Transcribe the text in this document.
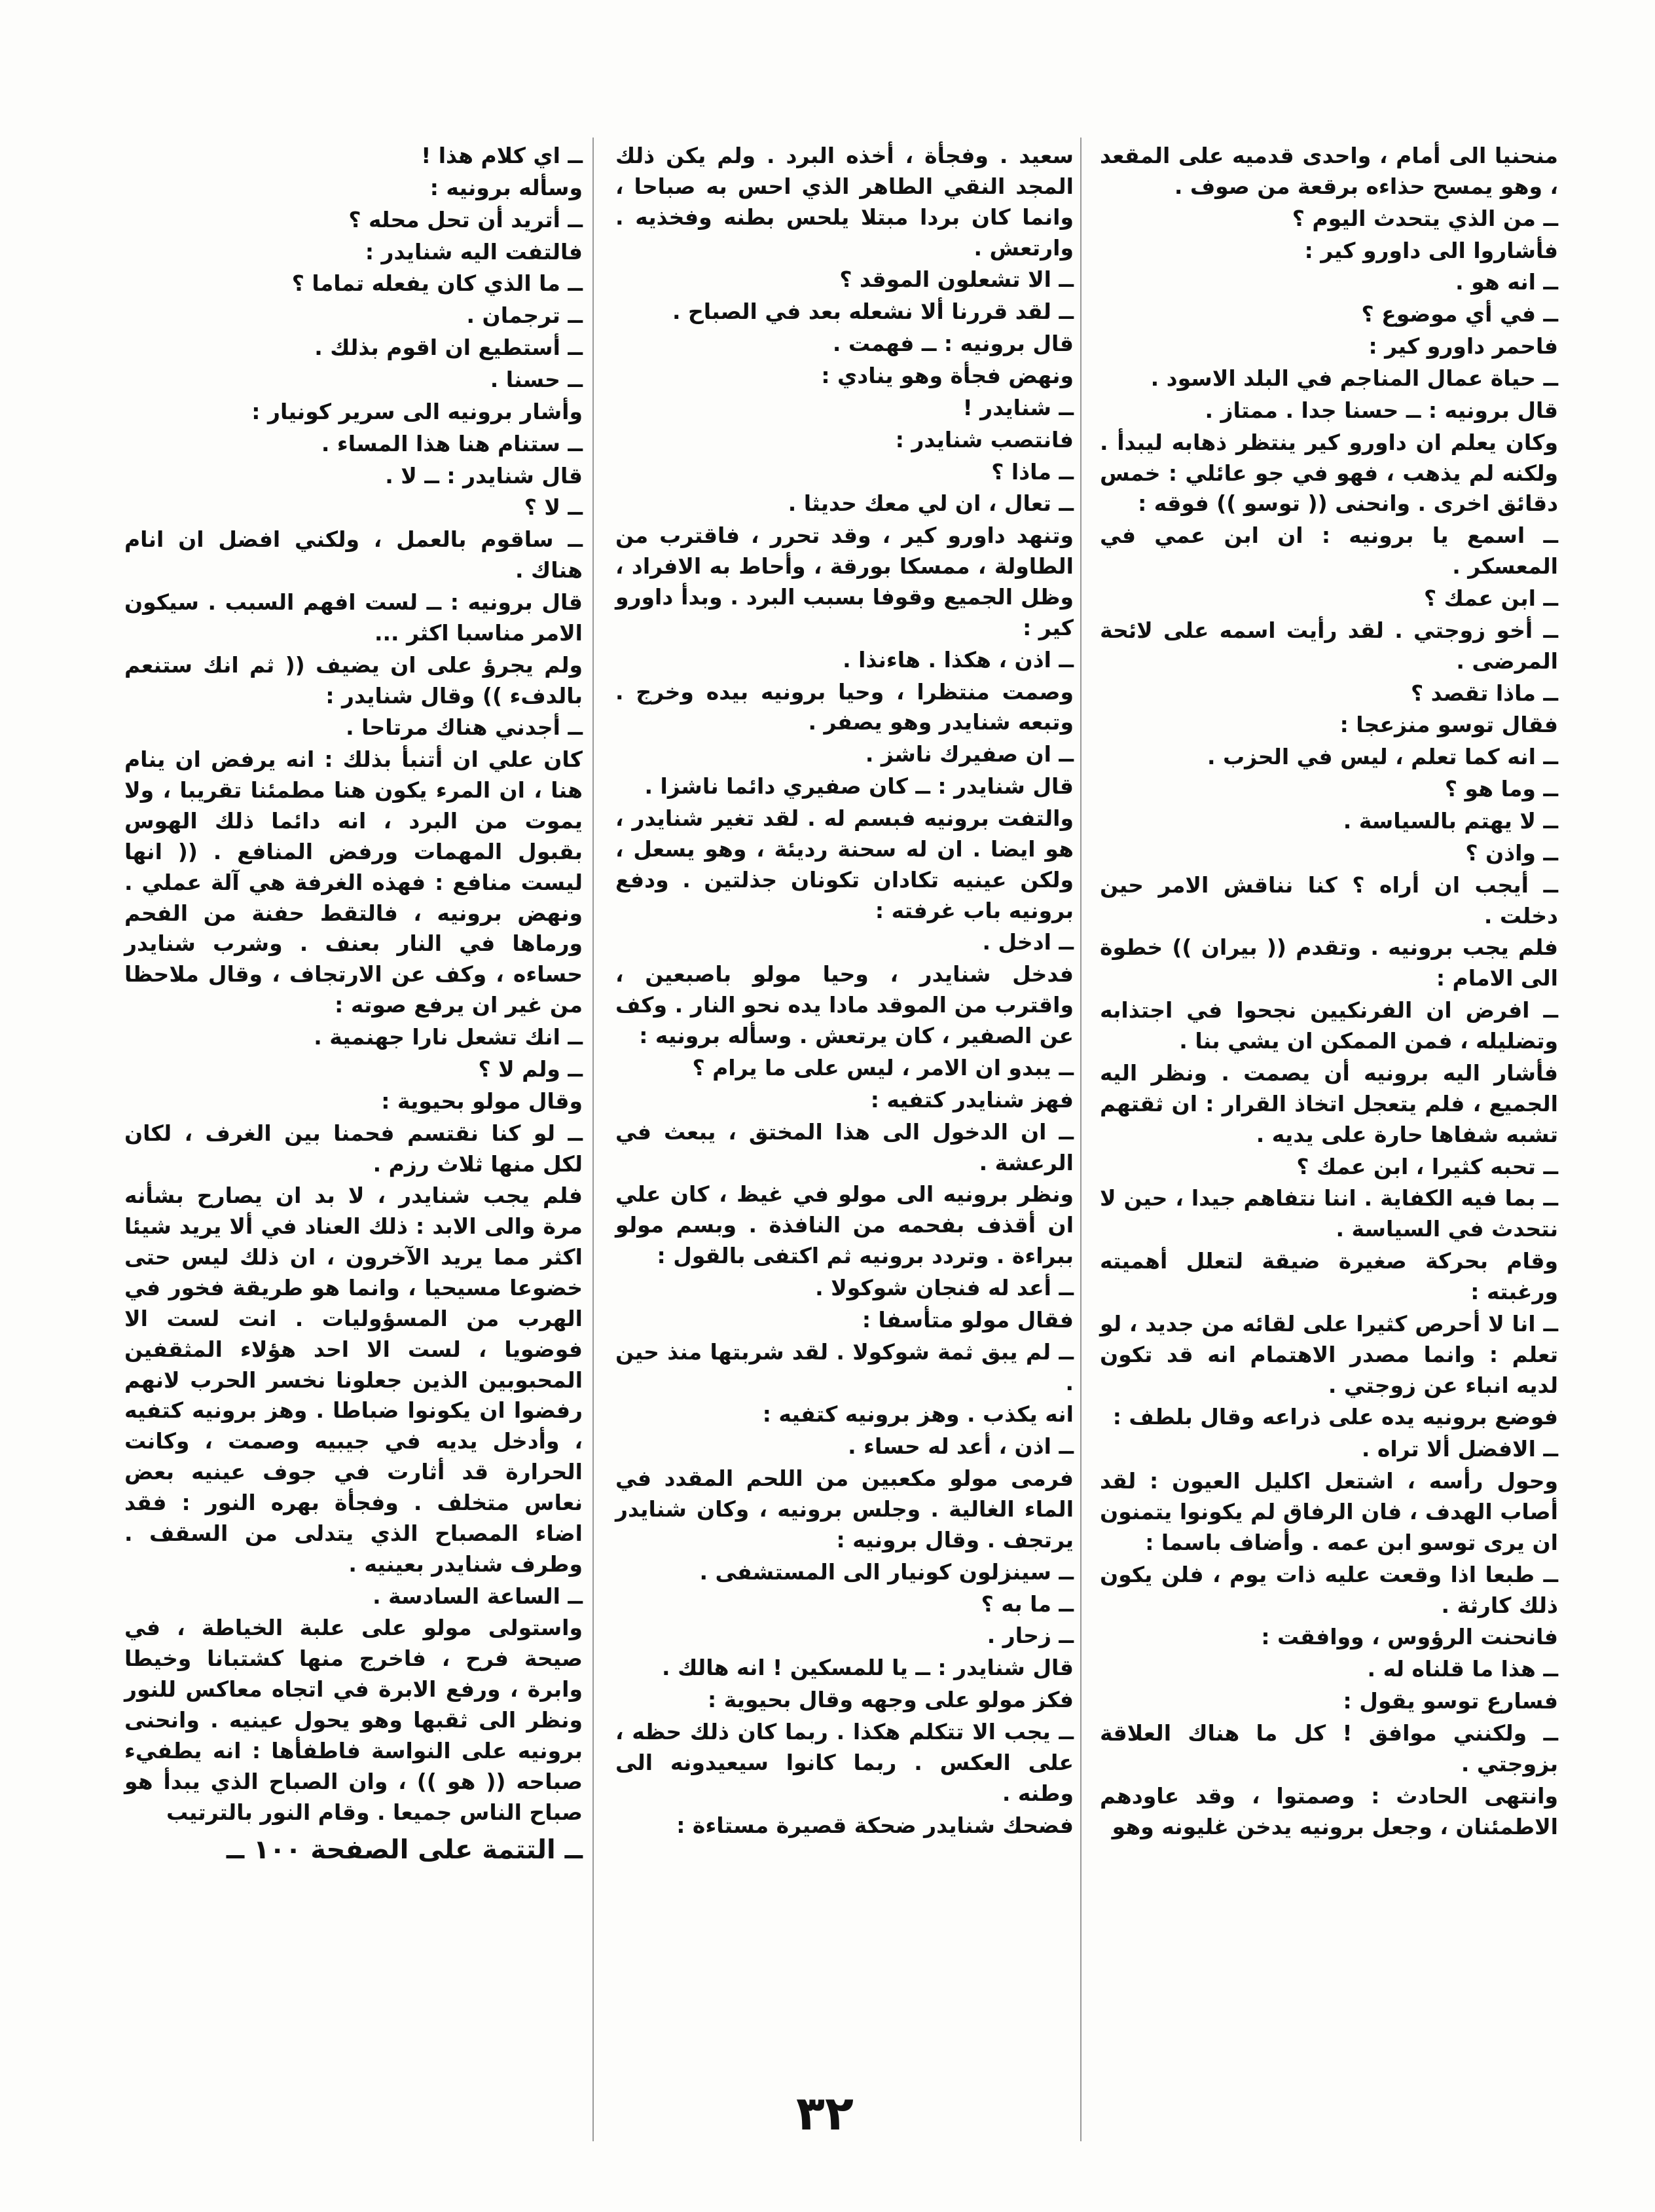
منحنيا الى أمام ، واحدى قدميه على المقعد ، وهو يمسح حذاءه برقعة من صوف .

ــ من الذي يتحدث اليوم ؟

فأشاروا الى داورو كير :

ــ انه هو .

ــ في أي موضوع ؟

فاحمر داورو كير :

ــ حياة عمال المناجم في البلد الاسود .

قال برونيه : ــ حسنا جدا . ممتاز .

وكان يعلم ان داورو كير ينتظر ذهابه ليبدأ . ولكنه لم يذهب ، فهو في جو عائلي : خمس دقائق اخرى . وانحنى (( توسو )) فوقه :

ــ اسمع يا برونيه : ان ابن عمي في المعسكر .

ــ ابن عمك ؟

ــ أخو زوجتي . لقد رأيت اسمه على لائحة المرضى .

ــ ماذا تقصد ؟

فقال توسو منزعجا :

ــ انه كما تعلم ، ليس في الحزب .

ــ وما هو ؟

ــ لا يهتم بالسياسة .

ــ واذن ؟

ــ أيجب ان أراه ؟ كنا نناقش الامر حين دخلت .

فلم يجب برونيه . وتقدم (( بيران )) خطوة الى الامام :

ــ افرض ان الفرنكيين نجحوا في اجتذابه وتضليله ، فمن الممكن ان يشي بنا .

فأشار اليه برونيه أن يصمت . ونظر اليه الجميع ، فلم يتعجل اتخاذ القرار : ان ثقتهم تشبه شفاها حارة على يديه .

ــ تحبه كثيرا ، ابن عمك ؟

ــ بما فيه الكفاية . اننا نتفاهم جيدا ، حين لا نتحدث في السياسة .

وقام بحركة صغيرة ضيقة لتعلل أهميته ورغبته :

ــ انا لا أحرص كثيرا على لقائه من جديد ، لو تعلم : وانما مصدر الاهتمام انه قد تكون لديه انباء عن زوجتي .

فوضع برونيه يده على ذراعه وقال بلطف :

ــ الافضل ألا تراه .

وحول رأسه ، اشتعل اكليل العيون : لقد أصاب الهدف ، فان الرفاق لم يكونوا يتمنون ان يرى توسو ابن عمه . وأضاف باسما :

ــ طبعا اذا وقعت عليه ذات يوم ، فلن يكون ذلك كارثة .

فانحنت الرؤوس ، ووافقت :

ــ هذا ما قلناه له .

فسارع توسو يقول :

ــ ولكنني موافق ! كل ما هناك العلاقة بزوجتي .

وانتهى الحادث : وصمتوا ، وقد عاودهم الاطمئنان ، وجعل برونيه يدخن غليونه وهو

سعيد . وفجأة ، أخذه البرد . ولم يكن ذلك المجد النقي الطاهر الذي احس به صباحا ، وانما كان بردا مبتلا يلحس بطنه وفخذيه . وارتعش .

ــ الا تشعلون الموقد ؟

ــ لقد قررنا ألا نشعله بعد في الصباح .

قال برونيه : ــ فهمت .

ونهض فجأة وهو ينادي :

ــ شنايدر !

فانتصب شنايدر :

ــ ماذا ؟

ــ تعال ، ان لي معك حديثا .

وتنهد داورو كير ، وقد تحرر ، فاقترب من الطاولة ، ممسكا بورقة ، وأحاط به الافراد ، وظل الجميع وقوفا بسبب البرد . وبدأ داورو كير :

ــ اذن ، هكذا . هاءنذا .

وصمت منتظرا ، وحيا برونيه بيده وخرج . وتبعه شنايدر وهو يصفر .

ــ ان صفيرك ناشز .

قال شنايدر : ــ كان صفيري دائما ناشزا .

والتفت برونيه فبسم له . لقد تغير شنايدر ، هو ايضا . ان له سحنة رديئة ، وهو يسعل ، ولكن عينيه تكادان تكونان جذلتين . ودفع برونيه باب غرفته :

ــ ادخل .

فدخل شنايدر ، وحيا مولو باصبعين ، واقترب من الموقد مادا يده نحو النار . وكف عن الصفير ، كان يرتعش . وسأله برونيه :

ــ يبدو ان الامر ، ليس على ما يرام ؟

فهز شنايدر كتفيه :

ــ ان الدخول الى هذا المختق ، يبعث في الرعشة .

ونظر برونيه الى مولو في غيظ ، كان علي ان أقذف بفحمه من النافذة . وبسم مولو ببراءة . وتردد برونيه ثم اكتفى بالقول :

ــ أعد له فنجان شوكولا .

فقال مولو متأسفا :

ــ لم يبق ثمة شوكولا . لقد شربتها منذ حين .

انه يكذب . وهز برونيه كتفيه :

ــ اذن ، أعد له حساء .

فرمى مولو مكعبين من اللحم المقدد في الماء الغالية . وجلس برونيه ، وكان شنايدر يرتجف . وقال برونيه :

ــ سينزلون كونيار الى المستشفى .

ــ ما به ؟

ــ زحار .

قال شنايدر : ــ يا للمسكين ! انه هالك .

فكز مولو على وجهه وقال بحيوية :

ــ يجب الا تتكلم هكذا . ربما كان ذلك حظه ، على العكس . ربما كانوا سيعيدونه الى وطنه .

فضحك شنايدر ضحكة قصيرة مستاءة :

ــ اي كلام هذا !

وسأله برونيه :

ــ أتريد أن تحل محله ؟

فالتفت اليه شنايدر :

ــ ما الذي كان يفعله تماما ؟

ــ ترجمان .

ــ أستطيع ان اقوم بذلك .

ــ حسنا .

وأشار برونيه الى سرير كونيار :

ــ ستنام هنا هذا المساء .

قال شنايدر : ــ لا .

ــ لا ؟

ــ ساقوم بالعمل ، ولكني افضل ان انام هناك .

قال برونيه : ــ لست افهم السبب . سيكون الامر مناسبا اكثر ...

ولم يجرؤ على ان يضيف (( ثم انك ستنعم بالدفء )) وقال شنايدر :

ــ أجدني هناك مرتاحا .

كان علي ان أتنبأ بذلك : انه يرفض ان ينام هنا ، ان المرء يكون هنا مطمئنا تقريبا ، ولا يموت من البرد ، انه دائما ذلك الهوس بقبول المهمات ورفض المنافع . (( انها ليست منافع : فهذه الغرفة هي آلة عملي . ونهض برونيه ، فالتقط حفنة من الفحم ورماها في النار بعنف . وشرب شنايدر حساءه ، وكف عن الارتجاف ، وقال ملاحظا من غير ان يرفع صوته :

ــ انك تشعل نارا جهنمية .

ــ ولم لا ؟

وقال مولو بحيوية :

ــ لو كنا نقتسم فحمنا بين الغرف ، لكان لكل منها ثلاث رزم .

فلم يجب شنايدر ، لا بد ان يصارح بشأنه مرة والى الابد : ذلك العناد في ألا يريد شيئا اكثر مما يريد الآخرون ، ان ذلك ليس حتى خضوعا مسيحيا ، وانما هو طريقة فخور في الهرب من المسؤوليات . انت لست الا فوضويا ، لست الا احد هؤلاء المثقفين المحبوبين الذين جعلونا نخسر الحرب لانهم رفضوا ان يكونوا ضباطا . وهز برونيه كتفيه ، وأدخل يديه في جيبيه وصمت ، وكانت الحرارة قد أثارت في جوف عينيه بعض نعاس متخلف . وفجأة بهره النور : فقد اضاء المصباح الذي يتدلى من السقف . وطرف شنايدر بعينيه .

ــ الساعة السادسة .

واستولى مولو على علبة الخياطة ، في صيحة فرح ، فاخرج منها كشتبانا وخيطا وابرة ، ورفع الابرة في اتجاه معاكس للنور ونظر الى ثقبها وهو يحول عينيه . وانحنى برونيه على النواسة فاطفأها : انه يطفيء صباحه (( هو )) ، وان الصباح الذي يبدأ هو صباح الناس جميعا . وقام النور بالترتيب

ــ التتمة على الصفحة ١٠٠ ــ
٣٢
